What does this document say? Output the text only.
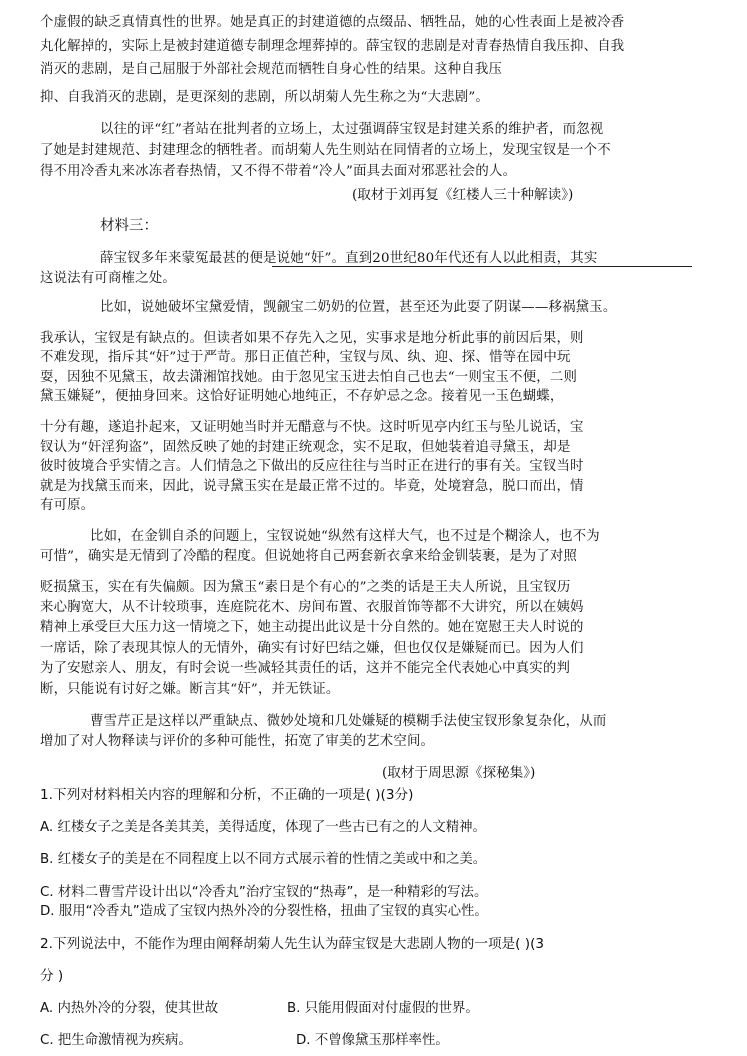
个虚假的缺乏真情真性的世界。她是真正的封建道德的点缀品、牺牲品，她的心性表面上是被冷香
丸化解掉的，实际上是被封建道德专制理念埋葬掉的。薛宝钗的悲剧是对青春热情自我压抑、自我
消灭的悲剧，是自己屈服于外部社会规范而牺牲自身心性的结果。这种自我压
抑、自我消灭的悲剧，是更深刻的悲剧，所以胡菊人先生称之为“大悲剧”。
以往的评“红”者站在批判者的立场上，太过强调薛宝钗是封建关系的维护者，而忽视
了她是封建规范、封建理念的牺牲者。而胡菊人先生则站在同情者的立场上，发现宝钗是一个不
得不用冷香丸来冰冻者春热情，又不得不带着“冷人”面具去面对邪恶社会的人。
(取材于刘再复《红楼人三十种解读》)
材料三：
薛宝钗多年来蒙冤最甚的便是说她“奸”。直到20世纪80年代还有人以此相责，其实
这说法有可商榷之处。
比如，说她破坏宝黛爱情，觊觎宝二奶奶的位置，甚至还为此耍了阴谋——移祸黛玉。
我承认，宝钗是有缺点的。但读者如果不存先入之见，实事求是地分析此事的前因后果，则
不难发现，指斥其“奸”过于严苛。那日正值芒种，宝钗与凤、纨、迎、探、惜等在园中玩
耍，因独不见黛玉，故去潇湘馆找她。由于忽见宝玉进去怕自己也去“一则宝玉不便，二则
黛玉嫌疑”，便抽身回来。这恰好证明她心地纯正，不存妒忌之念。接着见一玉色蝴蝶，
十分有趣，遂追扑起来，又证明她当时并无醋意与不快。这时听见亭内红玉与坠儿说话，宝
钗认为“奸淫狗盗”，固然反映了她的封建正统观念，实不足取，但她装着追寻黛玉，却是
彼时彼境合乎实情之言。人们情急之下做出的反应往往与当时正在进行的事有关。宝钗当时
就是为找黛玉而来，因此，说寻黛玉实在是最正常不过的。毕竟，处境窘急，脱口而出，情
有可原。
比如，在金钏自杀的问题上，宝钗说她“纵然有这样大气，也不过是个糊涂人，也不为
可惜”，确实是无情到了冷酷的程度。但说她将自己两套新衣拿来给金钏装裹，是为了对照
贬损黛玉，实在有失偏颇。因为黛玉“素日是个有心的”之类的话是王夫人所说，且宝钗历
来心胸宽大，从不计较琐事，连庭院花木、房间布置、衣服首饰等都不大讲究，所以在姨妈
精神上承受巨大压力这一情境之下，她主动提出此议是十分自然的。她在宽慰王夫人时说的
一席话，除了表现其惊人的无情外，确实有讨好巴结之嫌，但也仅仅是嫌疑而已。因为人们
为了安慰亲人、朋友，有时会说一些减轻其责任的话，这并不能完全代表她心中真实的判
断，只能说有讨好之嫌。断言其“奸”，并无铁证。
曹雪芹正是这样以严重缺点、微妙处境和几处嫌疑的模糊手法使宝钗形象复杂化，从而
增加了对人物释读与评价的多种可能性，拓宽了审美的艺术空间。
(取材于周思源《探秘集》)
1.下列对材料相关内容的理解和分析，不正确的一项是( )(3分)
A. 红楼女子之美是各美其美，美得适度，体现了一些古已有之的人文精神。
B. 红楼女子的美是在不同程度上以不同方式展示着的性情之美或中和之美。
C. 材料二曹雪芹设计出以“冷香丸”治疗宝钗的“热毒”，是一种精彩的写法。
D. 服用“冷香丸”造成了宝钗内热外冷的分裂性格，扭曲了宝钗的真实心性。
2.下列说法中，不能作为理由阐释胡菊人先生认为薛宝钗是大悲剧人物的一项是( )(3
分 )
A. 内热外冷的分裂，使其世故	B. 只能用假面对付虚假的世界。
C. 把生命激情视为疾病。	D. 不曾像黛玉那样率性。
